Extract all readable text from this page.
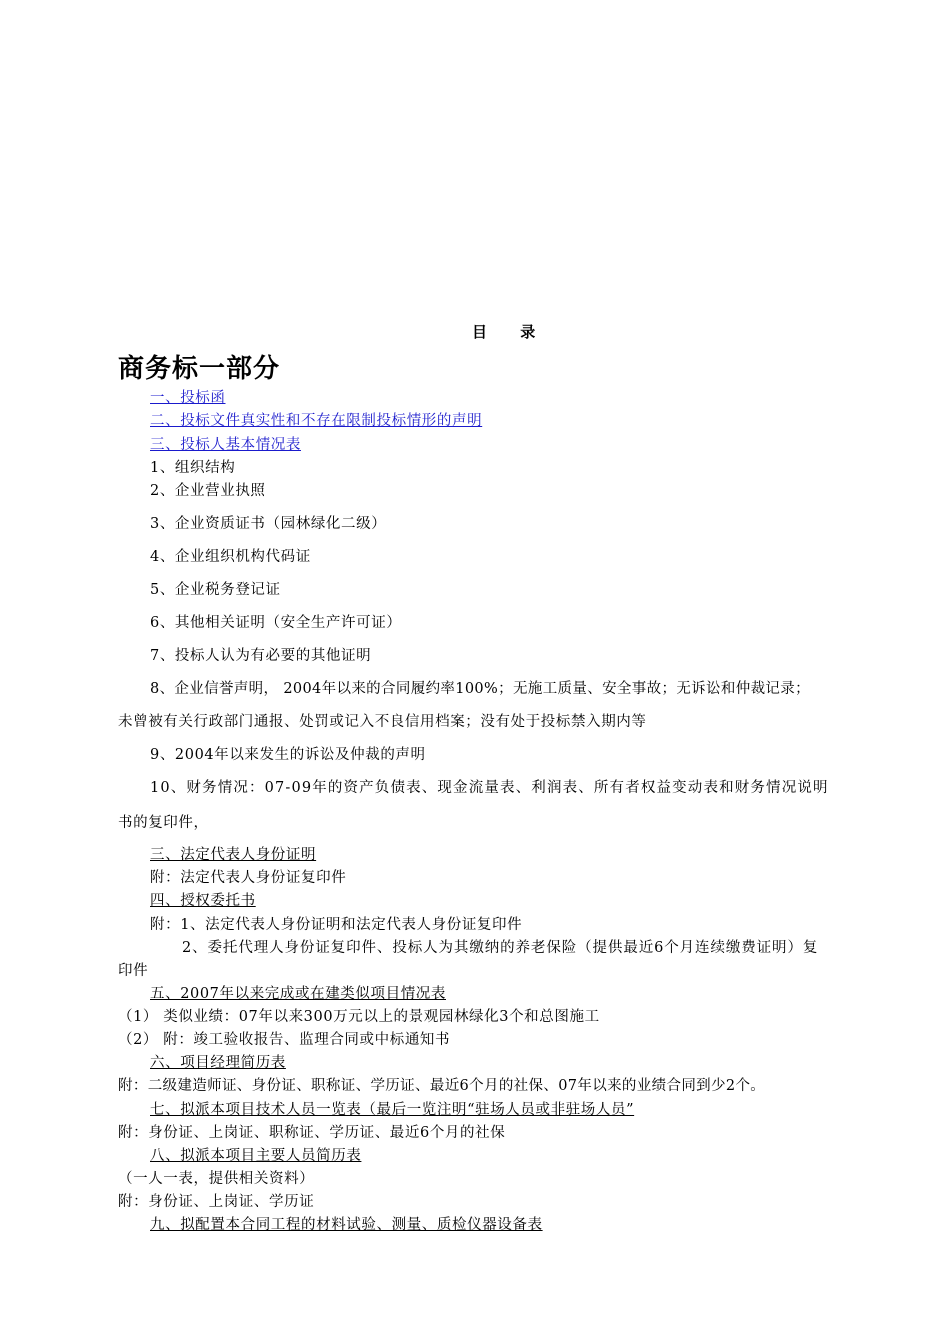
目 录
商务标一部分
一、投标函
二、投标文件真实性和不存在限制投标情形的声明
三、投标人基本情况表
1、组织结构
2、企业营业执照
3、企业资质证书（园林绿化二级）
4、企业组织机构代码证
5、企业税务登记证
6、其他相关证明（安全生产许可证）
7、投标人认为有必要的其他证明
8、企业信誉声明， 2004年以来的合同履约率100%；无施工质量、安全事故；无诉讼和仲裁记录；
未曾被有关行政部门通报、处罚或记入不良信用档案；没有处于投标禁入期内等
9、2004年以来发生的诉讼及仲裁的声明
10、财务情况：07-09年的资产负债表、现金流量表、利润表、所有者权益变动表和财务情况说明
书的复印件，
三、法定代表人身份证明
附：法定代表人身份证复印件
四、授权委托书
附：1、法定代表人身份证明和法定代表人身份证复印件
2、委托代理人身份证复印件、投标人为其缴纳的养老保险（提供最近6个月连续缴费证明）复
印件
五、2007年以来完成或在建类似项目情况表
（1） 类似业绩：07年以来300万元以上的景观园林绿化3个和总图施工
（2） 附：竣工验收报告、监理合同或中标通知书
六、项目经理简历表
附：二级建造师证、身份证、职称证、学历证、最近6个月的社保、07年以来的业绩合同到少2个。
七、拟派本项目技术人员一览表（最后一览注明“驻场人员或非驻场人员”
附：身份证、上岗证、职称证、学历证、最近6个月的社保
八、拟派本项目主要人员简历表
（一人一表，提供相关资料）
附：身份证、上岗证、学历证
九、拟配置本合同工程的材料试验、测量、质检仪器设备表
